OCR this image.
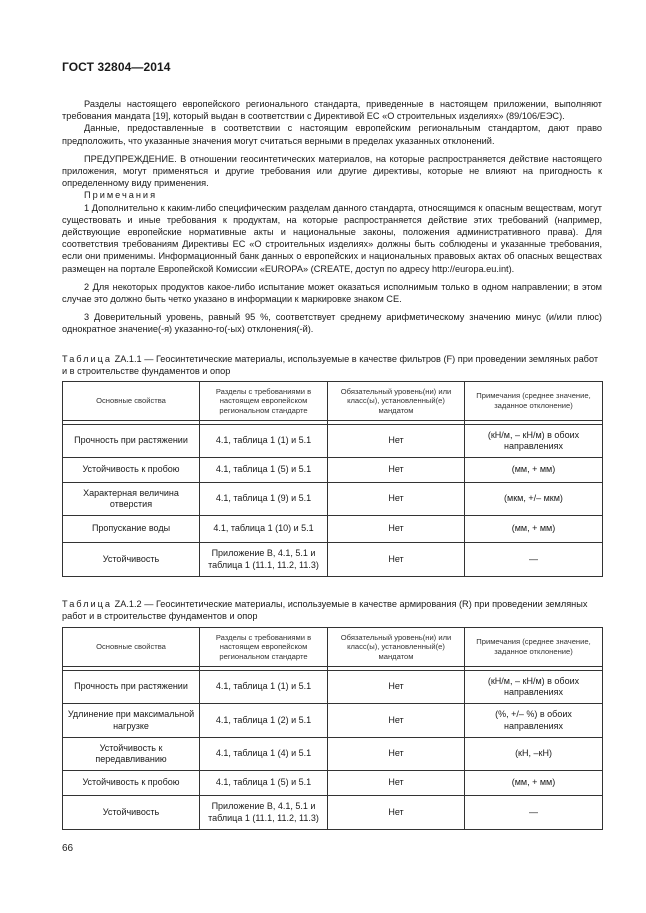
ГОСТ 32804—2014

Разделы настоящего европейского регионального стандарта, приведенные в настоящем приложении, выполняют требования мандата [19], который выдан в соответствии с Директивой ЕС «О строительных изделиях» (89/106/ЕЭС).

Данные, предоставленные в соответствии с настоящим европейским региональным стандартом, дают право предположить, что указанные значения могут считаться верными в пределах указанных отклонений.

ПРЕДУПРЕЖДЕНИЕ. В отношении геосинтетических материалов, на которые распространяется действие настоящего приложения, могут применяться и другие требования или другие директивы, которые не влияют на пригодность к определенному виду применения.

Примечания

1 Дополнительно к каким-либо специфическим разделам данного стандарта, относящимся к опасным веществам, могут существовать и иные требования к продуктам, на которые распространяется действие этих требований (например, действующие европейские нормативные акты и национальные законы, положения административного права). Для соответствия требованиям Директивы ЕС «О строительных изделиях» должны быть соблюдены и указанные требования, если они применимы. Информационный банк данных о европейских и национальных правовых актах об опасных веществах размещен на портале Европейской Комиссии «EUROPA» (CREATE, доступ по адресу http://europa.eu.int).

2 Для некоторых продуктов какое-либо испытание может оказаться исполнимым только в одном направлении; в этом случае это должно быть четко указано в информации к маркировке знаком CE.

3 Доверительный уровень, равный 95 %, соответствует среднему арифметическому значению минус (и/или плюс) однократное значение(-я) указанно-го(-ых) отклонения(-й).

Таблица ZA.1.1 — Геосинтетические материалы, используемые в качестве фильтров (F) при проведении земляных работ и в строительстве фундаментов и опор
Основные свойства	Разделы с требованиями в настоящем европейском региональном стандарте	Обязательный уровень(ни) или класс(ы), установленный(е) мандатом	Примечания (среднее значение, заданное отклонение)

Прочность при растяжении	4.1, таблица 1 (1) и 5.1	Нет	(кН/м, – кН/м) в обоих направлениях
Устойчивость к пробою	4.1, таблица 1 (5) и 5.1	Нет	(мм, + мм)
Характерная величина отверстия	4.1, таблица 1 (9) и 5.1	Нет	(мкм, +/– мкм)
Пропускание воды	4.1, таблица 1 (10) и 5.1	Нет	(мм, + мм)
Устойчивость	Приложение В, 4.1, 5.1 и таблица 1 (11.1, 11.2, 11.3)	Нет	—
Таблица ZA.1.2 — Геосинтетические материалы, используемые в качестве армирования (R) при проведении земляных работ и в строительстве фундаментов и опор
Основные свойства	Разделы с требованиями в настоящем европейском региональном стандарте	Обязательный уровень(ни) или класс(ы), установленный(е) мандатом	Примечания (среднее значение, заданное отклонение)

Прочность при растяжении	4.1, таблица 1 (1) и 5.1	Нет	(кН/м, – кН/м) в обоих направлениях
Удлинение при максимальной нагрузке	4.1, таблица 1 (2) и 5.1	Нет	(%, +/– %) в обоих направлениях
Устойчивость к передавливанию	4.1, таблица 1 (4) и 5.1	Нет	(кН, –кН)
Устойчивость к пробою	4.1, таблица 1 (5) и 5.1	Нет	(мм, + мм)
Устойчивость	Приложение В, 4.1, 5.1 и таблица 1 (11.1, 11.2, 11.3)	Нет	—
66
